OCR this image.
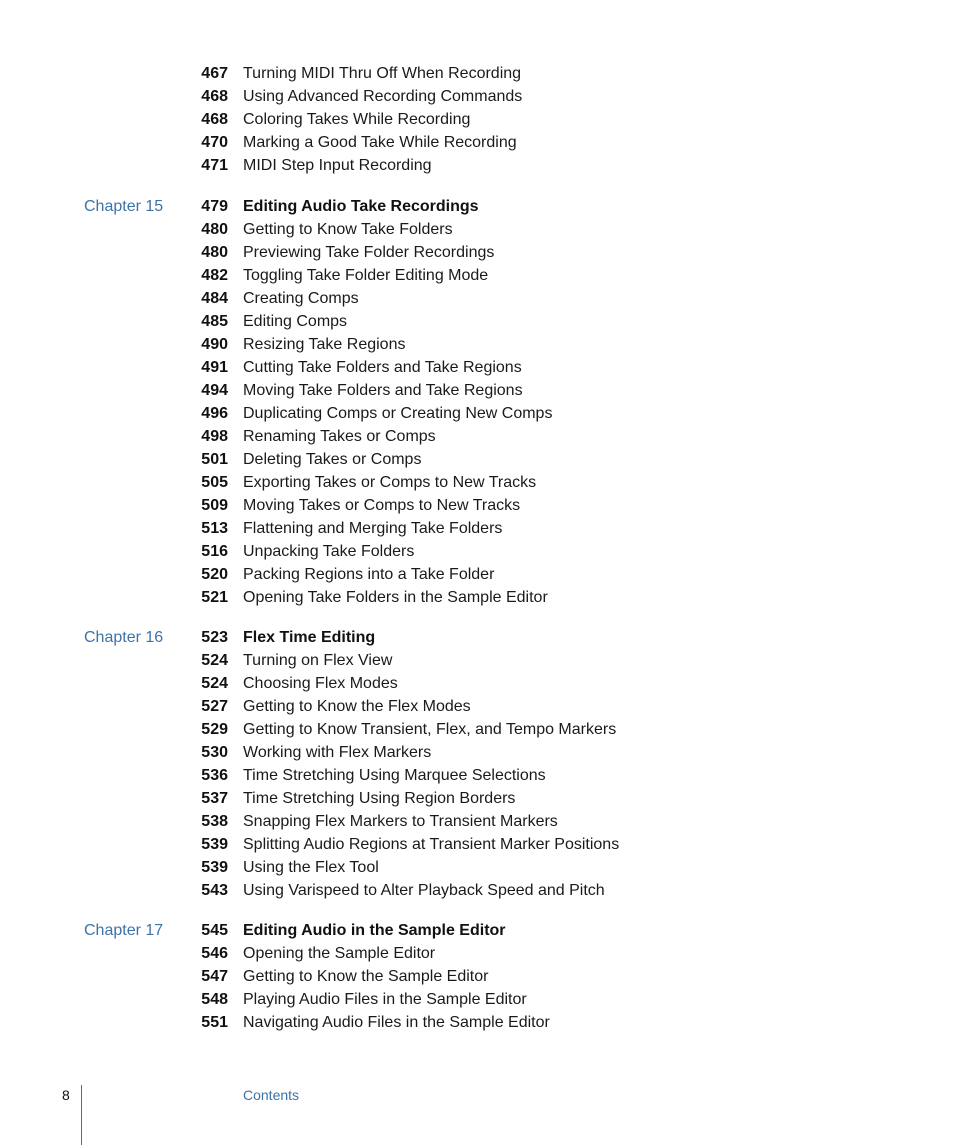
467 Turning MIDI Thru Off When Recording
468 Using Advanced Recording Commands
468 Coloring Takes While Recording
470 Marking a Good Take While Recording
471 MIDI Step Input Recording
Chapter 15	479 Editing Audio Take Recordings
480 Getting to Know Take Folders
480 Previewing Take Folder Recordings
482 Toggling Take Folder Editing Mode
484 Creating Comps
485 Editing Comps
490 Resizing Take Regions
491 Cutting Take Folders and Take Regions
494 Moving Take Folders and Take Regions
496 Duplicating Comps or Creating New Comps
498 Renaming Takes or Comps
501 Deleting Takes or Comps
505 Exporting Takes or Comps to New Tracks
509 Moving Takes or Comps to New Tracks
513 Flattening and Merging Take Folders
516 Unpacking Take Folders
520 Packing Regions into a Take Folder
521 Opening Take Folders in the Sample Editor
Chapter 16	523 Flex Time Editing
524 Turning on Flex View
524 Choosing Flex Modes
527 Getting to Know the Flex Modes
529 Getting to Know Transient, Flex, and Tempo Markers
530 Working with Flex Markers
536 Time Stretching Using Marquee Selections
537 Time Stretching Using Region Borders
538 Snapping Flex Markers to Transient Markers
539 Splitting Audio Regions at Transient Marker Positions
539 Using the Flex Tool
543 Using Varispeed to Alter Playback Speed and Pitch
Chapter 17	545 Editing Audio in the Sample Editor
546 Opening the Sample Editor
547 Getting to Know the Sample Editor
548 Playing Audio Files in the Sample Editor
551 Navigating Audio Files in the Sample Editor
8	Contents
